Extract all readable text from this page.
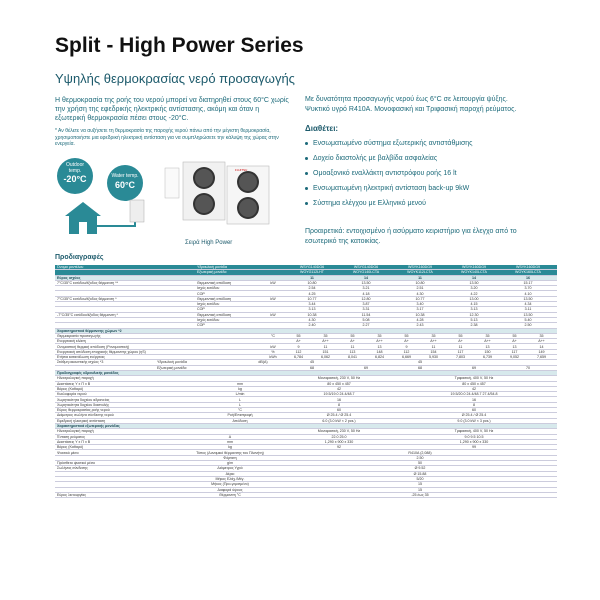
Split - High Power Series
Υψηλής θερμοκρασίας νερό προσαγωγής
Η θερμοκρασία της ροής του νερού μπορεί να διατηρηθεί στους 60°C χωρίς την χρήση της εφεδρικής ηλεκτρικής αντίστασης, ακόμη και όταν η εξωτερική θερμοκρασία πέσει στους -20°C.
* Αν θέλετε να αυξήσετε τη θερμοκρασία της παροχής νερού πάνω από την μέγιστη θερμοκρασία, χρησιμοποιήστε μια εφεδρική ηλεκτρική αντίσταση για να συμπληρώσετε την κάλυψη της χώρας στην ενεργεία.
Outdoor
temp.
-20°C	Water temp.
60°C
FUJITSU
Σειρά High Power
Με δυνατότητα προσαγωγής νερού έως 6°C σε λειτουργία ψύξης.
Ψυκτικό υγρό R410A. Μονοφασική και Τριφασική παροχή ρεύματος.
Διαθέτει:
Ενσωματωμένο σύστημα εξωτερικής αντιστάθμισης
Δοχείο διαστολής με βαλβίδα ασφαλείας
Ομοαξονικό εναλλάκτη αντιστρόφου ροής 16 lt
Ενσωματωμένη ηλεκτρική αντίσταση back-up 9kW
Σύστημα ελέγχου με Ελληνικό μενού
Προαιρετικά: εντοιχισμένο ή ασύρματο κειριστήριο για έλεγχο από το εσωτερικό της κατοικίας.
Προδιαγραφές
Όνομα μοντέλου	Υδραυλική μονάδα	WSYG140DG6	WSYG140DG6	WSYK160DG9	WSYK160DG9	WSYK160DG9
Εξωτερική μονάδα	WOYG112LHT	WOYG140LCTA	WOYK112LCTA	WOYK140LCTA	WOYK160LCTA
Εύρος ισχύος	11	14	11	14	16
7°C/35°C εισόδου/έξοδος θέρμανση **	Θερμαντική απόδοση	kW	10.80	13.50	10.80	13.50	15.17
Ισχύς εισόδου	2.54	3.21	2.51	3.20	3.70
COP	4.25	4.18	4.30	4.22	4.10
7°C/35°C εισόδου/έξοδος θέρμανση *	Θερμαντική απόδοση	kW	10.77	12.80	10.77	13.00	13.50
Ισχύς εισόδου	3.44	3.87	3.40	4.15	4.34
COP	3.13	3.31	3.17	3.13	3.11
-7°C/35°C εισόδου/έξοδος θέρμανση *	Θερμαντική απόδοση	kW	10.38	11.54	10.38	12.30	13.50
Ισχύς εισόδου	4.30	5.08	4.28	5.13	5.40
COP	2.40	2.27	2.43	2.38	2.50
Χαρακτηριστικά θέρμανσης χώρων *2
Θερμοκρασία προσαγωγής	°C	55	35	55	35	55	35	55	35	55	35
Ενεργειακή κλάση	A+	A++	A+	A++	A+	A++	A+	A++	A+	A++
Ονομαστική θερμική απόδοση (Ρονομαστική)	kW	9	11	11	13	9	11	11	13	13	14
Ενεργειακή απόδοση εποχιακής θέρμανσης χώρου (ηS)	%	112	151	113	148	112	154	117	150	117	149
Ετήσια κατανάλωση ενέργειας	kWh	6,784	6,062	8,041	6,824	6,669	5,930	7,803	6,739	9,052	7,659
Στάθμη ακουστικής ισχύος *3	Υδραυλική μονάδα	dB(A)	45	45
Εξωτερική μονάδα	68	69	68	69	70
Προδιαγραφές υδραυλικής μονάδας
Ηλεκτρολογική παροχή	Μονοφασική, 230 V, 50 Hz	Τριφασική, 400 V, 50 Hz
Διαστάσεις Υ x Π x Β	mm	80 x 450 x 457	80 x 450 x 457
Βάρος (Καθαρό)	kg	42	42
Κυκλοφορία νερού	L/min	19.5/19.0 24.4/48.7	19.5/20.0 24.4/48.7 27.4/54.8
Χωρητικότητα δοχείου αδρανείας	L	16	16
Χωρητικότητα δοχείου διαστολής	L	8	8
Εύρος θερμοκρασίας ροής νερού	°C	60	60
Διάμετρος σωλήνα σύνδεσης νερού	Ροή/Επιστροφή	Ø 25.4 / Ø 25.4	Ø 25.4 / Ø 25.4
Εφεδρική ηλεκτρική αντίσταση	Απόδοση	6.0 (3.0 kW × 2 pcs.)	9.0 (3.0 kW × 3 pcs.)
Χαρακτηριστικά εξωτερικής μονάδας
Ηλεκτρολογική παροχή	Μονοφασική, 230 V, 50 Hz	Τριφασική, 400 V, 50 Hz
Ένταση ρεύματος	A	22.0 25.0	9.0 9.5 10.5
Διαστάσεις Υ x Π x Β	mm	1,290 x 900 x 330	1,290 x 900 x 330
Βάρος (Καθαρό)	kg	92	99
Ψυκτικό μέσο	Τύπος (Δυναμικό θέρμανσης του Πλανήτη)	R410A (2,088)
Φόρτιση	2.50
Πρόσθετο ψυκτικό μέσο	g/m	50
Σωλήνας σύνδεσης	Διάμετρος Υγρό	Ø 9.52
Αέριο	Ø 15.88
Μήκος Ελάχ./Μέγ.	5/20
Μήκος (Προ-γεμισμένο)	15
Διαφορά ύψους	15
Εύρος λειτουργίας	Θέρμανση °C	-25 έως 35
